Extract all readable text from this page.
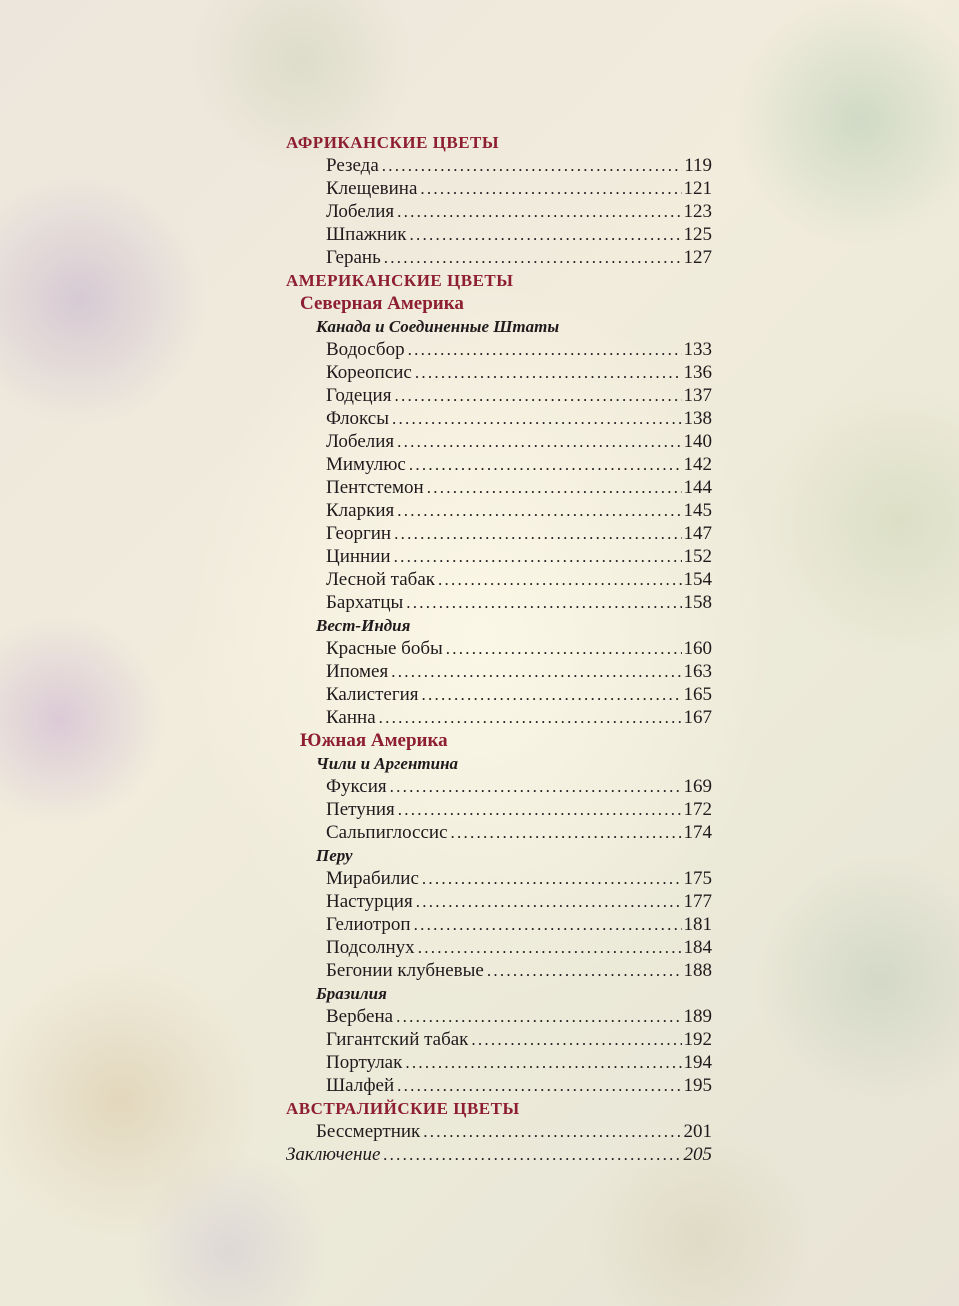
АФРИКАНСКИЕ ЦВЕТЫ
Резеда . . .	119
Клещевина . . .	121
Лобелия . . .	123
Шпажник . . .	125
Герань . . .	127
АМЕРИКАНСКИЕ ЦВЕТЫ
Северная Америка
Канада и Соединенные Штаты
Водосбор . . .	133
Кореопсис . . .	136
Годеция . . .	137
Флоксы . . .	138
Лобелия . . .	140
Мимулюс . . .	142
Пентстемон . . .	144
Кларкия . . .	145
Георгин . . .	147
Циннии . . .	152
Лесной табак . . .	154
Бархатцы . . .	158
Вест-Индия
Красные бобы . . .	160
Ипомея . . .	163
Калистегия . . .	165
Канна . . .	167
Южная Америка
Чили и Аргентина
Фуксия . . .	169
Петуния . . .	172
Сальпиглоссис . . .	174
Перу
Мирабилис . . .	175
Настурция . . .	177
Гелиотроп . . .	181
Подсолнух . . .	184
Бегонии клубневые . . .	188
Бразилия
Вербена . . .	189
Гигантский табак . . .	192
Портулак . . .	194
Шалфей . . .	195
АВСТРАЛИЙСКИЕ ЦВЕТЫ
Бессмертник . . .	201
Заключение . . .	205
